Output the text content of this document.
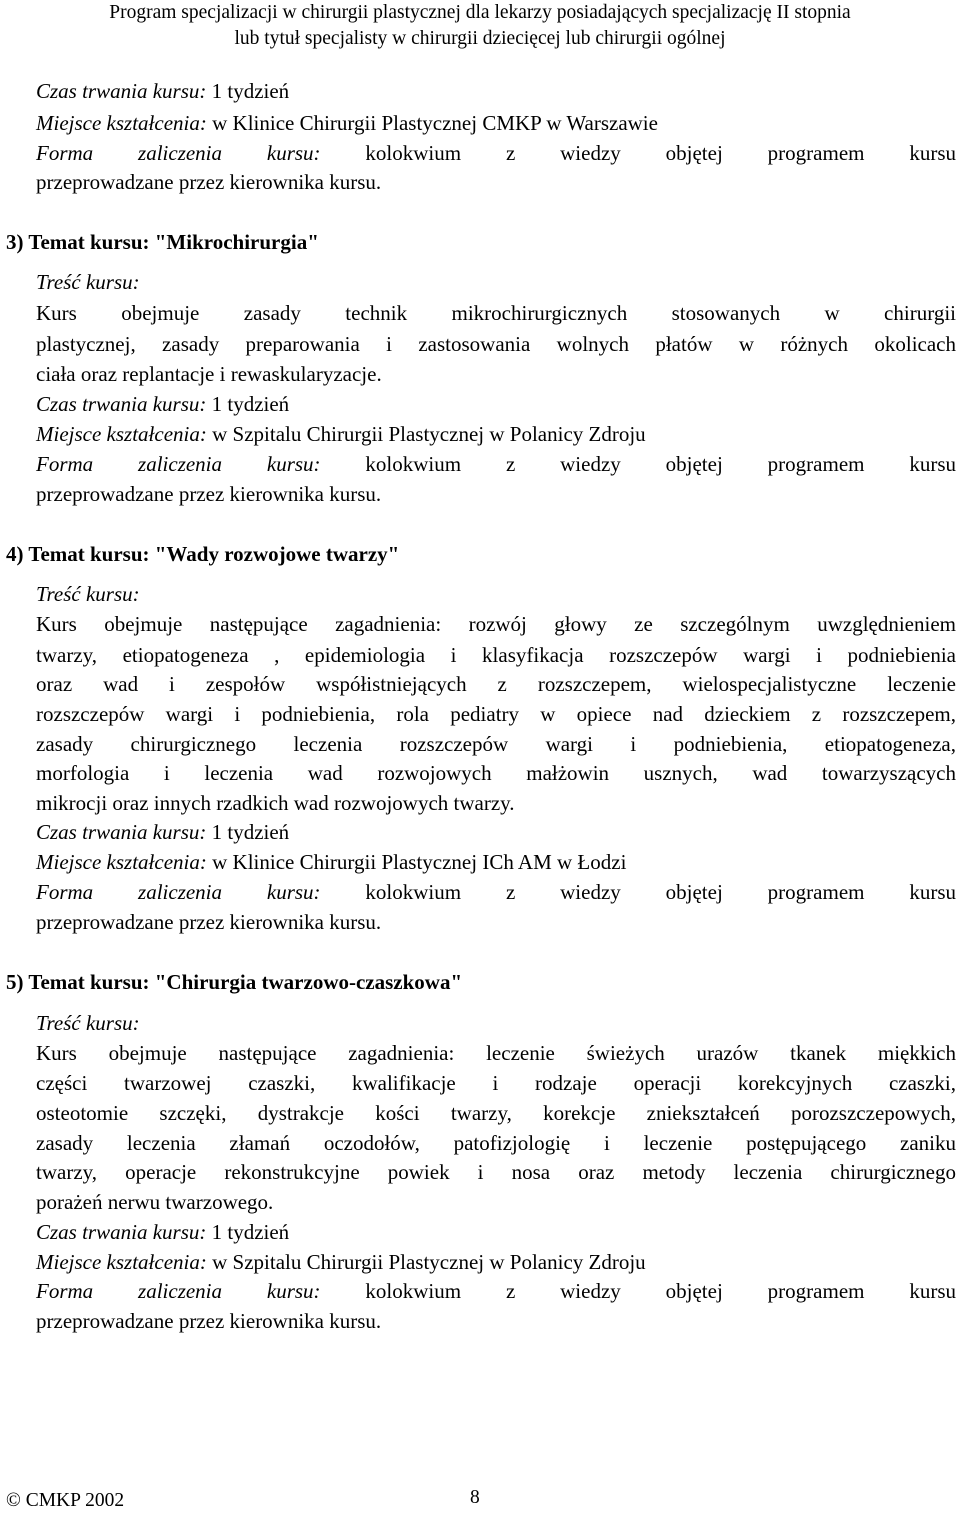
Program specjalizacji w chirurgii plastycznej dla lekarzy posiadających specjalizację II stopnia
lub tytuł specjalisty w chirurgii dziecięcej lub chirurgii ogólnej
Czas trwania kursu: 1 tydzień
Miejsce kształcenia: w Klinice Chirurgii Plastycznej CMKP w Warszawie
Forma zaliczenia kursu: kolokwium z wiedzy objętej programem kursu
przeprowadzane przez kierownika kursu.
3) Temat kursu: "Mikrochirurgia"
Treść kursu:
Kurs obejmuje zasady technik mikrochirurgicznych stosowanych w chirurgii
plastycznej, zasady preparowania i zastosowania wolnych płatów w różnych okolicach
ciała oraz replantacje i rewaskularyzacje.
Czas trwania kursu: 1 tydzień
Miejsce kształcenia: w Szpitalu Chirurgii Plastycznej w Polanicy Zdroju
Forma zaliczenia kursu: kolokwium z wiedzy objętej programem kursu
przeprowadzane przez kierownika kursu.
4) Temat kursu: "Wady rozwojowe twarzy"
Treść kursu:
Kurs obejmuje następujące zagadnienia: rozwój głowy ze szczególnym uwzględnieniem
twarzy, etiopatogeneza , epidemiologia i klasyfikacja rozszczepów wargi i podniebienia
oraz wad i zespołów współistniejących z rozszczepem, wielospecjalistyczne leczenie
rozszczepów wargi i podniebienia, rola pediatry w opiece nad dzieckiem z rozszczepem,
zasady chirurgicznego leczenia rozszczepów wargi i podniebienia, etiopatogeneza,
morfologia i leczenia wad rozwojowych małżowin usznych, wad towarzyszących
mikrocji oraz innych rzadkich wad rozwojowych twarzy.
Czas trwania kursu: 1 tydzień
Miejsce kształcenia: w Klinice Chirurgii Plastycznej ICh AM w Łodzi
Forma zaliczenia kursu: kolokwium z wiedzy objętej programem kursu
przeprowadzane przez kierownika kursu.
5) Temat kursu: "Chirurgia twarzowo-czaszkowa"
Treść kursu:
Kurs obejmuje następujące zagadnienia: leczenie świeżych urazów tkanek miękkich
części twarzowej czaszki, kwalifikacje i rodzaje operacji korekcyjnych czaszki,
osteotomie szczęki, dystrakcje kości twarzy, korekcje zniekształceń porozszczepowych,
zasady leczenia złamań oczodołów, patofizjologię i leczenie postępującego zaniku
twarzy, operacje rekonstrukcyjne powiek i nosa oraz metody leczenia chirurgicznego
porażeń nerwu twarzowego.
Czas trwania kursu: 1 tydzień
Miejsce kształcenia: w Szpitalu Chirurgii Plastycznej w Polanicy Zdroju
Forma zaliczenia kursu: kolokwium z wiedzy objętej programem kursu
przeprowadzane przez kierownika kursu.
© CMKP 2002	8
